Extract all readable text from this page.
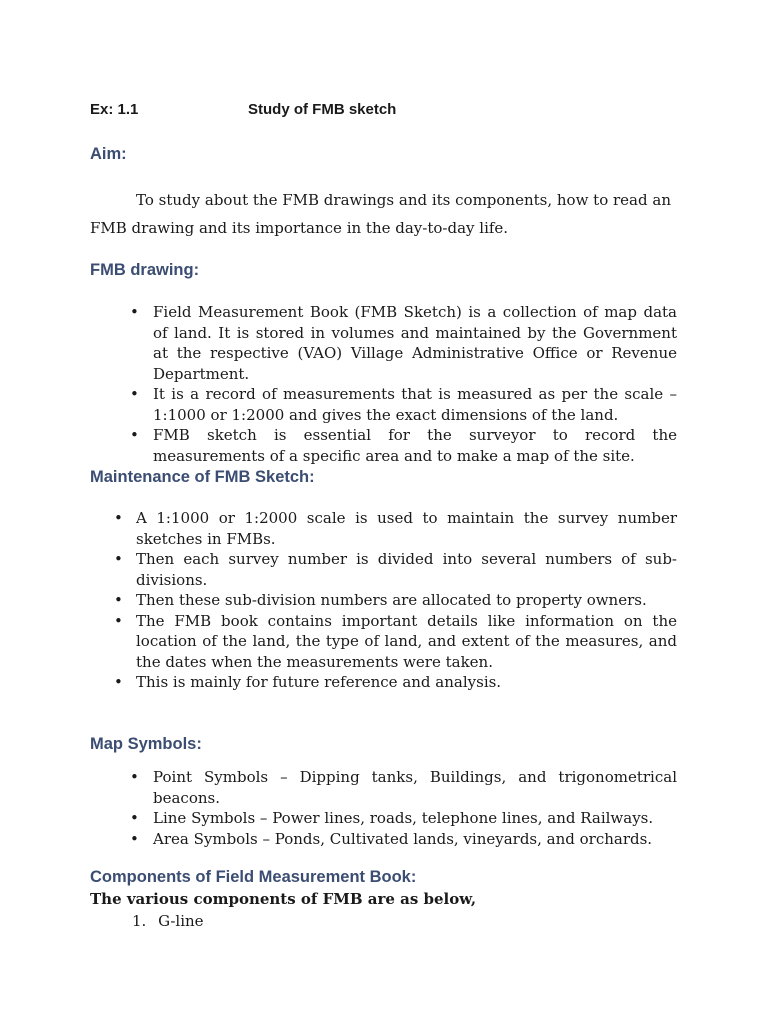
Ex: 1.1	Study of FMB sketch
Aim:

To study about the FMB drawings and its components, how to read an
FMB drawing and its importance in the day-to-day life.

FMB drawing:
• Field Measurement Book (FMB Sketch) is a collection of map data of land. It is stored in volumes and maintained by the Government at the respective (VAO) Village Administrative Office or Revenue Department.
• It is a record of measurements that is measured as per the scale – 1:1000 or 1:2000 and gives the exact dimensions of the land.
• FMB sketch is essential for the surveyor to record the measurements of a specific area and to make a map of the site.
Maintenance of FMB Sketch:
• A 1:1000 or 1:2000 scale is used to maintain the survey number sketches in FMBs.
• Then each survey number is divided into several numbers of sub-divisions.
• Then these sub-division numbers are allocated to property owners.
• The FMB book contains important details like information on the location of the land, the type of land, and extent of the measures, and the dates when the measurements were taken.
• This is mainly for future reference and analysis.
Map Symbols:
• Point Symbols – Dipping tanks, Buildings, and trigonometrical beacons.
• Line Symbols – Power lines, roads, telephone lines, and Railways.
• Area Symbols – Ponds, Cultivated lands, vineyards, and orchards.
Components of Field Measurement Book:
The various components of FMB are as below,
1. G-line
